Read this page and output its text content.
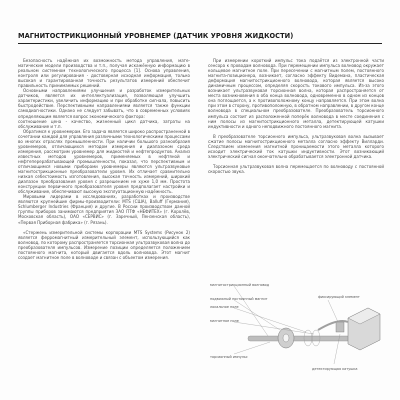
МАГНИТОСТРИКЦИОННЫЙ УРОВНЕМЕР (ДАТЧИК УРОВНЯ ЖИДКОСТИ)

Безопасность надёжная их возможность метода управления, мате-матические модели производства и т.п., получая искажённую информацию в реальном системном технологического процесса [1]. Основа управления, контроля или регулирования - достоверная исходная информация, только высокая и гарантированная точность результатов измерений обеспечит правильность принимаемых решений.

Основными направлениями улучшения и разработок измерительных датчиков, является их интеллектуализация, позволяющая улучшить характеристики, увеличить информацию и при обработке сигнала, повысить быстродействие. Перспективными направлениями является также функции самодиагностики. Однако не следует забывать, что в современных условиях определяющим является вопрос экономического фактора:

соотношение цена - качество, жизненный цикл датчика, затраты на обслуживание и т.п.

Обратимся к уровнемерам. Его задача является широко распространенной в сочетании каждой для управления различными технологическими процессами во многих отраслях промышленности. При наличии большого разнообразия уровнемеров, отличающихся методом измерения и диапазоном среда измерения, рассмотрим уровнемер для жидкостей и нефтепродуктов. Анализ известных методов уровнемеров, применяемых в нефтяной и нефтеперерабатывающей промышленности, показал, что перспективным и отличающимся новыми приборами уровнемеры являются ультразвуковые магнитострикционные преобразователи уровня. Их отличает сравнительно низкая себестоимость изготовления, высокая точность измерений, широкий диапазон преобразования уровня с разрешением не хуже 1,0 мм. Простота конструкции первичного преобразователя уровня предполагает настройки и обслуживание, обеспечивают высокую эксплуатационную надёжность.

Мировыми лидерами в исследованиях, разработках и производстве являются крупнейшие фирмы-производители: MTS (США), Balluff (Германия), Schlumberger Industries (Франция) и другие. В России производством данной группы приборов занимаются предприятия ЗАО ПТФ «НЕФИТЕХ» (г. Королёв, Московская область), ОАО «СЕРВИС» (г. Заречный, Пензенская область), «Первая Приборная фабрика» (г. Рязань).

«Стержень измерительной системы корпорации MTS Systems (Рисунок 2) является ферромагнитный измерительный элемент, использующийся как волновод, по которому распространяется торсионная ультразвуковая волна до преобразователя импульсов. Измерение позиции определяется положением постоянного магнита, который двигается вдоль волновода. Этот магнит создает магнитное поле в волноводе и связан с объектом измерения.

При измерении короткий импульс тока подаётся из электронной части сенсора к проводам волновода. При перемещении импульса волновод окружает кольцевое магнитное поле. При пересечении с магнитным полем, постоянного магнита-позиционера, возникает, согласно эффекту Видемана, пластическая деформация магнитострикционного волновода, которая является высоко динамичным процессом, определяя скорость токового импульса. Из-за этого возникает ультразвуковая торсионная волна, которая распространяется от места возникновения в оба конца волновода, одновременно в одном из концов она поглощается, а к противоположному концу направляется. При этом волна при этом в сторону, противоположную, в обратном направлении, в другом конце волновода в специальном преобразователе. Преобразователь торсионного импульса состоит из расположенной поперёк волновода в месте соединения с ним полосы из магнитострикционного металла, детектирующей катушки индуктивности и одного неподвижного постоянного магнита.

В преобразователе торсионного импульса, ультразвуковая волна вызывает сжатие полосы магнитострикционного металла согласно эффекту Вилларди. Следствием изменения магнитной проницаемости этого металла которого исходит электрический ток катушки индуктивности. Этот возникающий электрический сигнал окончательно обрабатывается электронной датчика.

Торсионная ультразвуковая волна перемещается по волноводу с постоянной скоростью звука.

магнитострикционный волновод
подвижный постоянный магнит
локальное поле
магнитное поле
торсионный импульс
фиксирующий элемент
детектирующая катушка
